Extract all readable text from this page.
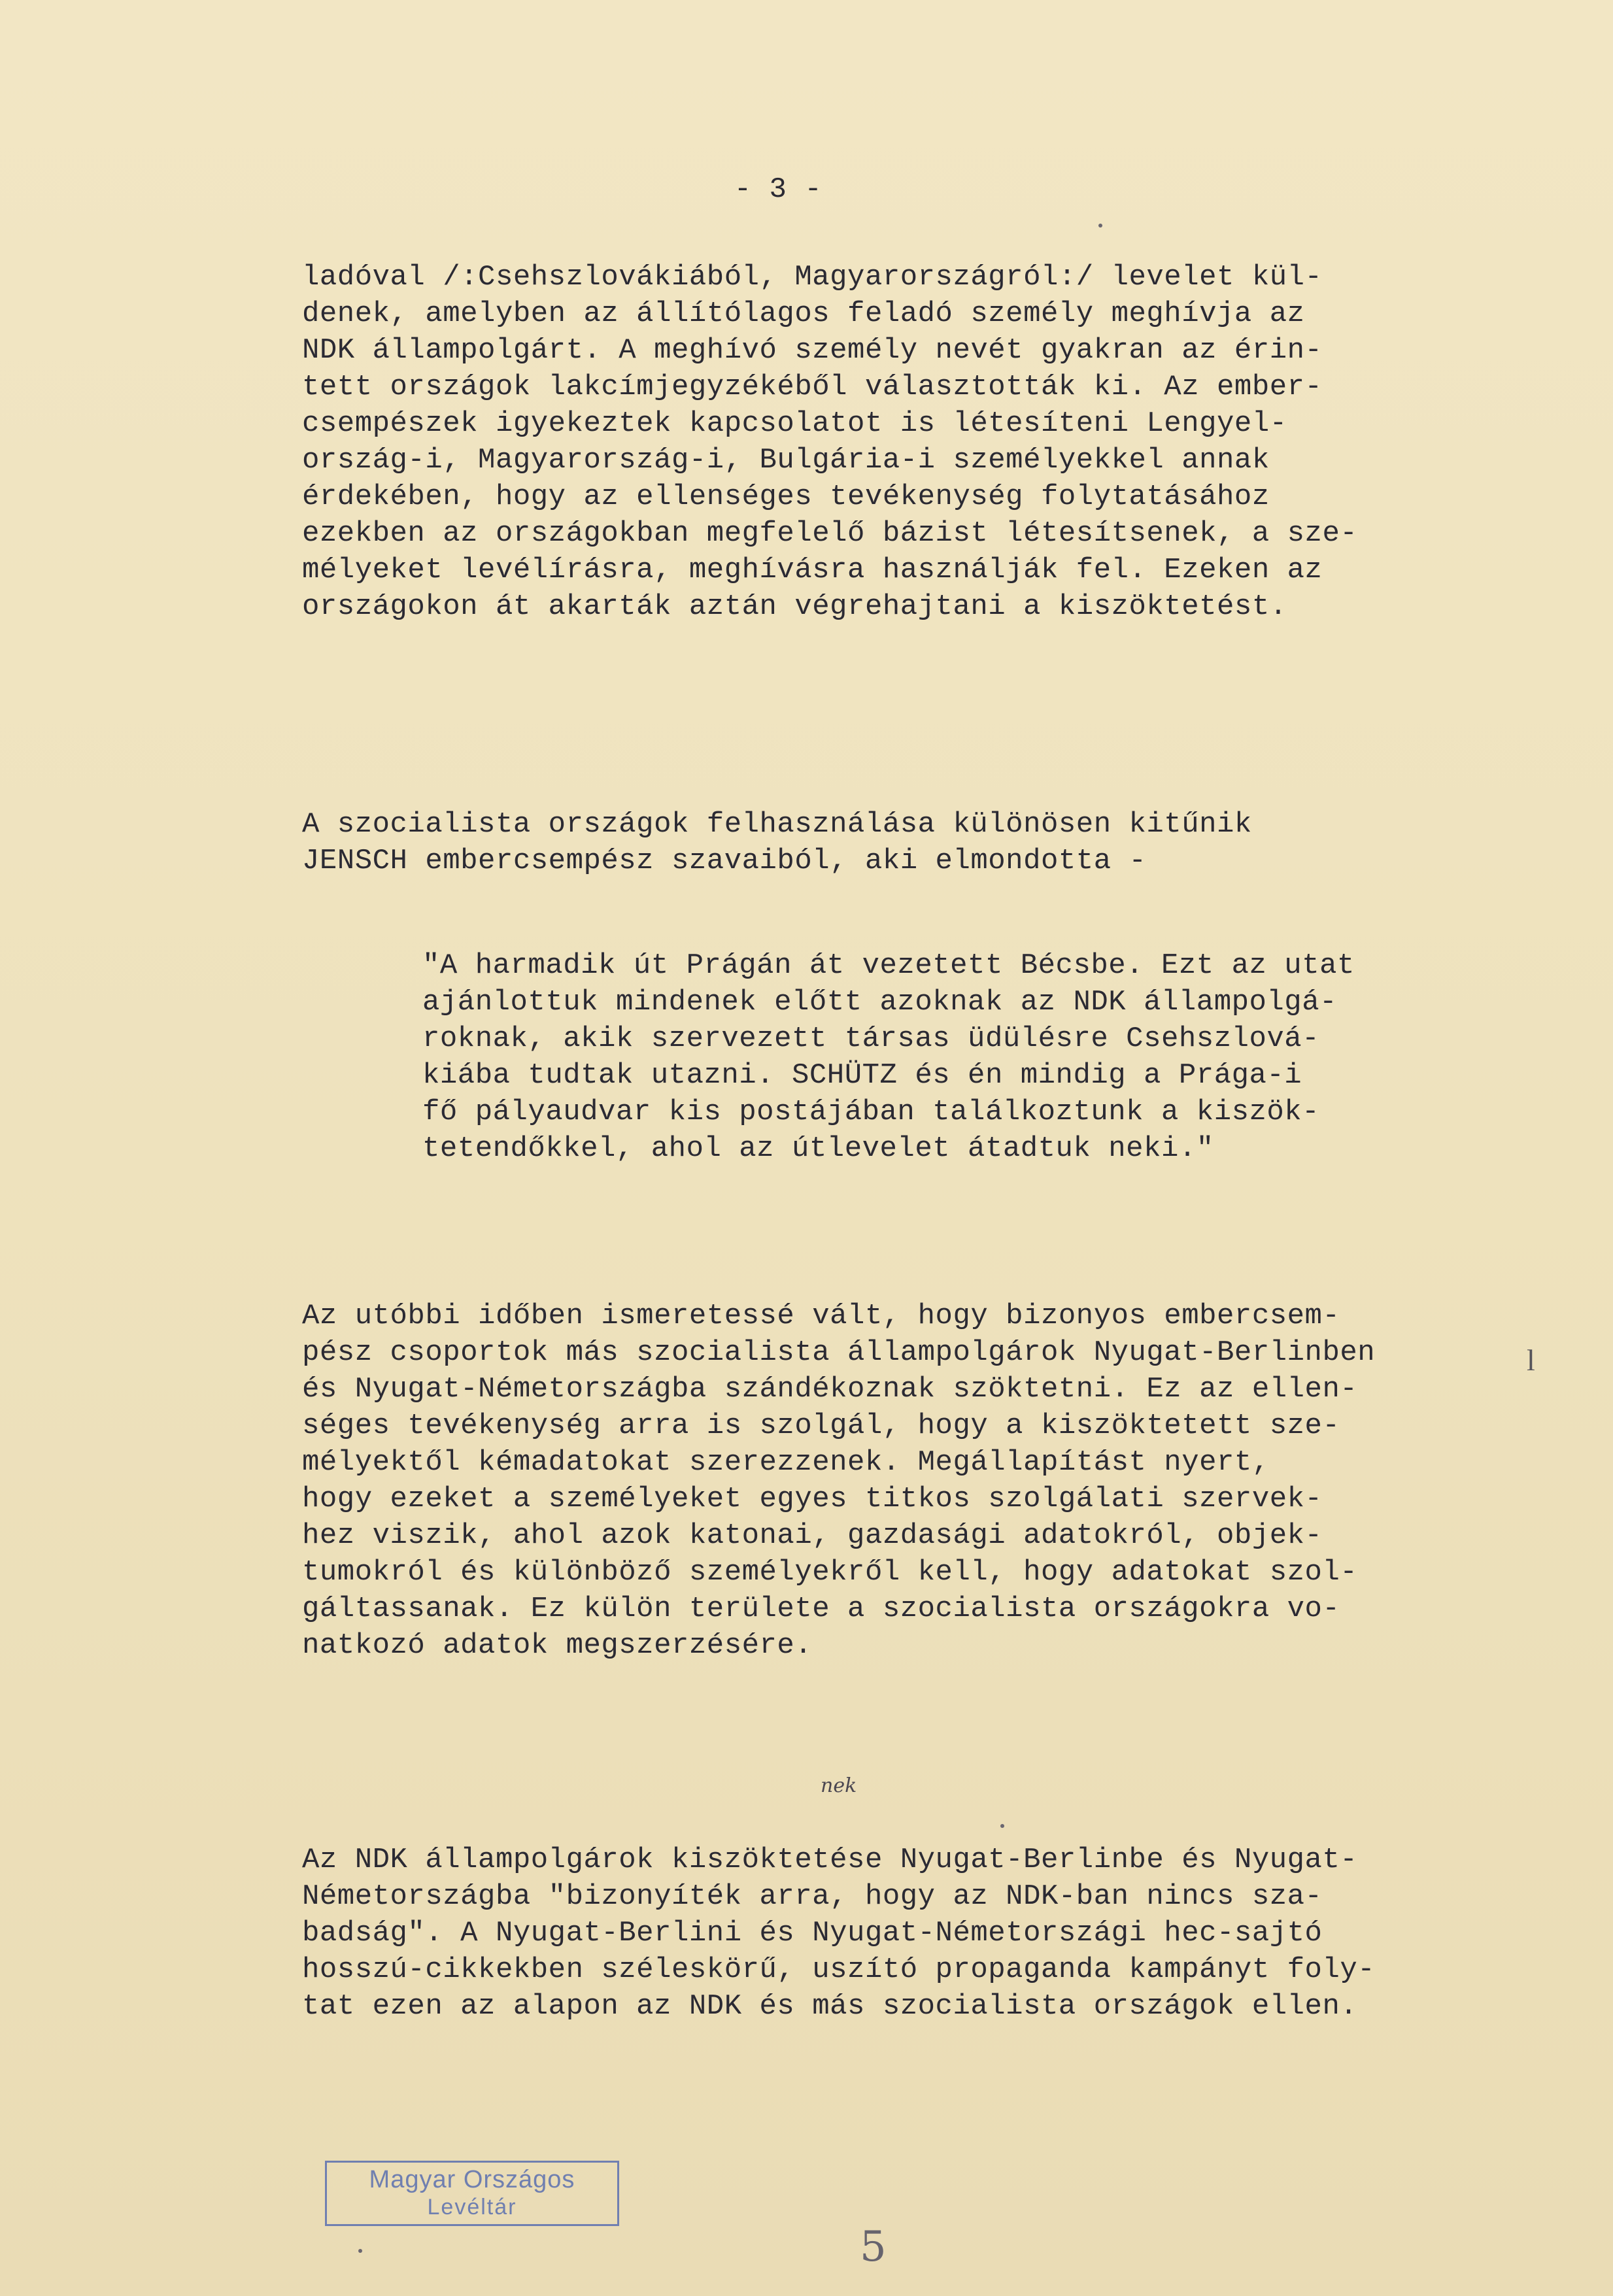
- 3 -
ladóval /:Csehszlovákiából, Magyarországról:/ levelet kül-
denek, amelyben az állítólagos feladó személy meghívja az
NDK állampolgárt. A meghívó személy nevét gyakran az érin-
tett országok lakcímjegyzékéből választották ki. Az ember-
csempészek igyekeztek kapcsolatot is létesíteni Lengyel-
ország-i, Magyarország-i, Bulgária-i személyekkel annak
érdekében, hogy az ellenséges tevékenység folytatásához
ezekben az országokban megfelelő bázist létesítsenek, a sze-
mélyeket levélírásra, meghívásra használják fel. Ezeken az
országokon át akarták aztán végrehajtani a kiszöktetést.
A szocialista országok felhasználása különösen kitűnik
JENSCH embercsempész szavaiból, aki elmondotta -
"A harmadik út Prágán át vezetett Bécsbe. Ezt az utat
ajánlottuk mindenek előtt azoknak az NDK állampolgá-
roknak, akik szervezett társas üdülésre Csehszlová-
kiába tudtak utazni. SCHÜTZ és én mindig a Prága-i
fő pályaudvar kis postájában találkoztunk a kiszök-
tetendőkkel, ahol az útlevelet átadtuk neki."
Az utóbbi időben ismeretessé vált, hogy bizonyos embercsem-
pész csoportok más szocialista állampolgárok Nyugat-Berlinben
és Nyugat-Németországba szándékoznak szöktetni. Ez az ellen-
séges tevékenység arra is szolgál, hogy a kiszöktetett sze-
mélyektől kémadatokat szerezzenek. Megállapítást nyert,
hogy ezeket a személyeket egyes titkos szolgálati szervek-
hez viszik, ahol azok katonai, gazdasági adatokról, objek-
tumokról és különböző személyekről kell, hogy adatokat szol-
gáltassanak. Ez külön területe a szocialista országokra vo-
natkozó adatok megszerzésére.
l
nek
Az NDK állampolgárok kiszöktetése Nyugat-Berlinbe és Nyugat-
Németországba "bizonyíték arra, hogy az NDK-ban nincs sza-
badság". A Nyugat-Berlini és Nyugat-Németországi hec-sajtó
hosszú-cikkekben széleskörű, uszító propaganda kampányt foly-
tat ezen az alapon az NDK és más szocialista országok ellen.
Magyar Országos
Levéltár
5
